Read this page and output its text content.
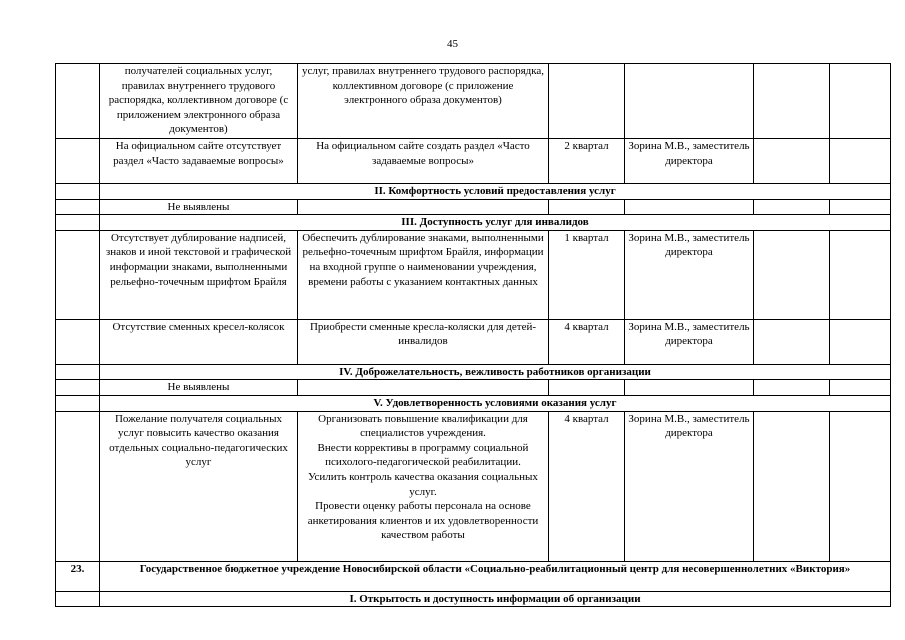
45
	получателей социальных услуг, правилах внутреннего трудового распорядка, коллективном договоре (с приложением электронного образа документов)	услуг, правилах внутреннего трудового распорядка, коллективном договоре (с приложение электронного образа документов)				
	На официальном сайте отсутствует раздел «Часто задаваемые вопросы»	На официальном сайте создать раздел «Часто задаваемые вопросы»	2 квартал	Зорина М.В., заместитель директора		
	II. Комфортность условий предоставления услуг					
	Не выявлены					
	III. Доступность услуг для инвалидов					
	Отсутствует дублирование надписей, знаков и иной текстовой и графической информации знаками, выполненными рельефно-точечным шрифтом Брайля	Обеспечить дублирование знаками, выполненными рельефно-точечным шрифтом Брайля, информации на входной группе о наименовании учреждения, времени работы с указанием контактных данных	1 квартал	Зорина М.В., заместитель директора		
	Отсутствие сменных кресел-колясок	Приобрести сменные кресла-коляски для детей-инвалидов	4 квартал	Зорина М.В., заместитель директора		
	IV. Доброжелательность, вежливость работников организации					
	Не выявлены					
	V. Удовлетворенность условиями оказания услуг					
	Пожелание получателя социальных услуг повысить качество оказания отдельных социально-педагогических услуг	Организовать повышение квалификации для специалистов учреждения.
Внести коррективы в программу социальной психолого-педагогической реабилитации.
Усилить контроль качества оказания социальных услуг.
Провести оценку работы персонала на основе анкетирования клиентов и их удовлетворенности качеством работы	4 квартал	Зорина М.В., заместитель директора		
23.	Государственное бюджетное учреждение Новосибирской области «Социально-реабилитационный центр для несовершеннолетних «Виктория»					
	I. Открытость и доступность информации об организации					
